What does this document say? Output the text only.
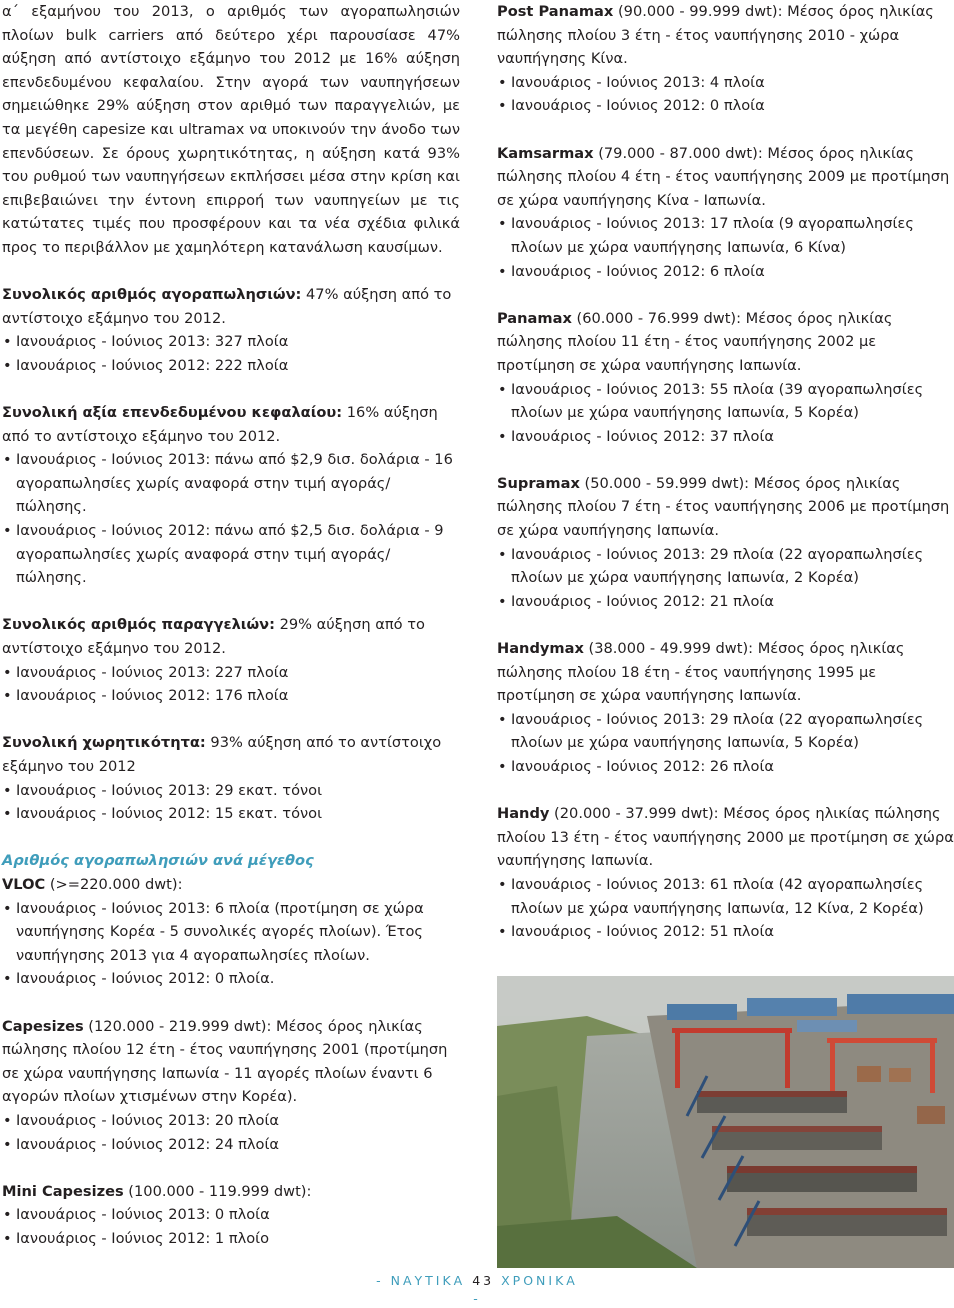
α΄ εξαμήνου του 2013, ο αριθμός των αγοραπωλησιών πλοίων bulk carriers από δεύτερο χέρι παρουσίασε 47% αύξηση από αντίστοιχο εξάμηνο του 2012 με 16% αύξηση επενδεδυμένου κεφαλαίου. Στην αγορά των ναυπηγήσεων σημειώθηκε 29% αύξηση στον αριθμό των παραγγελιών, με τα μεγέθη capesize και ultramax να υποκινούν την άνοδο των επενδύσεων. Σε όρους χωρητικότητας, η αύξηση κατά 93% του ρυθμού των ναυπηγήσεων εκπλήσσει μέσα στην κρίση και επιβεβαιώνει την έντονη επιρροή των ναυπηγείων με τις κατώτατες τιμές που προσφέρουν και τα νέα σχέδια φιλικά προς το περιβάλλον με χαμηλότερη κατανάλωση καυσίμων.

Συνολικός αριθμός αγοραπωλησιών: 47% αύξηση από το αντίστοιχο εξάμηνο του 2012.

• Ιανουάριος - Ιούνιος 2013: 327 πλοία
• Ιανουάριος - Ιούνιος 2012: 222 πλοία

Συνολική αξία επενδεδυμένου κεφαλαίου: 16% αύξηση από το αντίστοιχο εξάμηνο του 2012.

• Ιανουάριος - Ιούνιος 2013: πάνω από $2,9 δισ. δολάρια - 16 αγοραπωλησίες χωρίς αναφορά στην τιμή αγοράς/πώλησης.
• Ιανουάριος - Ιούνιος 2012: πάνω από $2,5 δισ. δολάρια - 9 αγοραπωλησίες χωρίς αναφορά στην τιμή αγοράς/πώλησης.

Συνολικός αριθμός παραγγελιών: 29% αύξηση από το αντίστοιχο εξάμηνο του 2012.

• Ιανουάριος - Ιούνιος 2013: 227 πλοία
• Ιανουάριος - Ιούνιος 2012: 176 πλοία

Συνολική χωρητικότητα: 93% αύξηση από το αντίστοιχο εξάμηνο του 2012

• Ιανουάριος - Ιούνιος 2013: 29 εκατ. τόνοι
• Ιανουάριος - Ιούνιος 2012: 15 εκατ. τόνοι

Αριθμός αγοραπωλησιών ανά μέγεθος

VLOC (>=220.000 dwt):

• Ιανουάριος - Ιούνιος 2013: 6 πλοία (προτίμηση σε χώρα ναυπήγησης Κορέα - 5 συνολικές αγορές πλοίων). Έτος ναυπήγησης 2013 για 4 αγοραπωλησίες πλοίων.
• Ιανουάριος - Ιούνιος 2012: 0 πλοία.

Capesizes (120.000 - 219.999 dwt): Μέσος όρος ηλικίας πώλησης πλοίου 12 έτη - έτος ναυπήγησης 2001 (προτίμηση σε χώρα ναυπήγησης Ιαπωνία - 11 αγορές πλοίων έναντι 6 αγορών πλοίων χτισμένων στην Κορέα).

• Ιανουάριος - Ιούνιος 2013: 20 πλοία
• Ιανουάριος - Ιούνιος 2012: 24 πλοία

Mini Capesizes (100.000 - 119.999 dwt):

• Ιανουάριος - Ιούνιος 2013: 0 πλοία
• Ιανουάριος - Ιούνιος 2012: 1 πλοίο

Post Panamax (90.000 - 99.999 dwt): Μέσος όρος ηλικίας πώλησης πλοίου 3 έτη - έτος ναυπήγησης 2010 - χώρα ναυπήγησης Κίνα.

• Ιανουάριος - Ιούνιος 2013: 4 πλοία
• Ιανουάριος - Ιούνιος 2012: 0 πλοία

Kamsarmax (79.000 - 87.000 dwt): Μέσος όρος ηλικίας πώλησης πλοίου 4 έτη - έτος ναυπήγησης 2009 με προτίμηση σε χώρα ναυπήγησης Κίνα - Ιαπωνία.

• Ιανουάριος - Ιούνιος 2013: 17 πλοία (9 αγοραπωλησίες πλοίων με χώρα ναυπήγησης Ιαπωνία, 6 Κίνα)
• Ιανουάριος - Ιούνιος 2012: 6 πλοία

Panamax (60.000 - 76.999 dwt): Μέσος όρος ηλικίας πώλησης πλοίου 11 έτη - έτος ναυπήγησης 2002 με προτίμηση σε χώρα ναυπήγησης Ιαπωνία.

• Ιανουάριος - Ιούνιος 2013: 55 πλοία (39 αγοραπωλησίες πλοίων με χώρα ναυπήγησης Ιαπωνία, 5 Κορέα)
• Ιανουάριος - Ιούνιος 2012: 37 πλοία

Supramax (50.000 - 59.999 dwt): Μέσος όρος ηλικίας πώλησης πλοίου 7 έτη - έτος ναυπήγησης 2006 με προτίμηση σε χώρα ναυπήγησης Ιαπωνία.

• Ιανουάριος - Ιούνιος 2013: 29 πλοία (22 αγοραπωλησίες πλοίων με χώρα ναυπήγησης Ιαπωνία, 2 Κορέα)
• Ιανουάριος - Ιούνιος 2012: 21 πλοία

Handymax (38.000 - 49.999 dwt): Μέσος όρος ηλικίας πώλησης πλοίου 18 έτη - έτος ναυπήγησης 1995 με προτίμηση σε χώρα ναυπήγησης Ιαπωνία.

• Ιανουάριος - Ιούνιος 2013: 29 πλοία (22 αγοραπωλησίες πλοίων με χώρα ναυπήγησης Ιαπωνία, 5 Κορέα)
• Ιανουάριος - Ιούνιος 2012: 26 πλοία

Handy (20.000 - 37.999 dwt): Μέσος όρος ηλικίας πώλησης πλοίου 13 έτη - έτος ναυπήγησης 2000 με προτίμηση σε χώρα ναυπήγησης Ιαπωνία.

• Ιανουάριος - Ιούνιος 2013: 61 πλοία (42 αγοραπωλησίες πλοίων με χώρα ναυπήγησης Ιαπωνία, 12 Κίνα, 2 Κορέα)
• Ιανουάριος - Ιούνιος 2012: 51 πλοία
- ΝΑΥΤΙΚΑ 43 ΧΡΟΝΙΚΑ -
